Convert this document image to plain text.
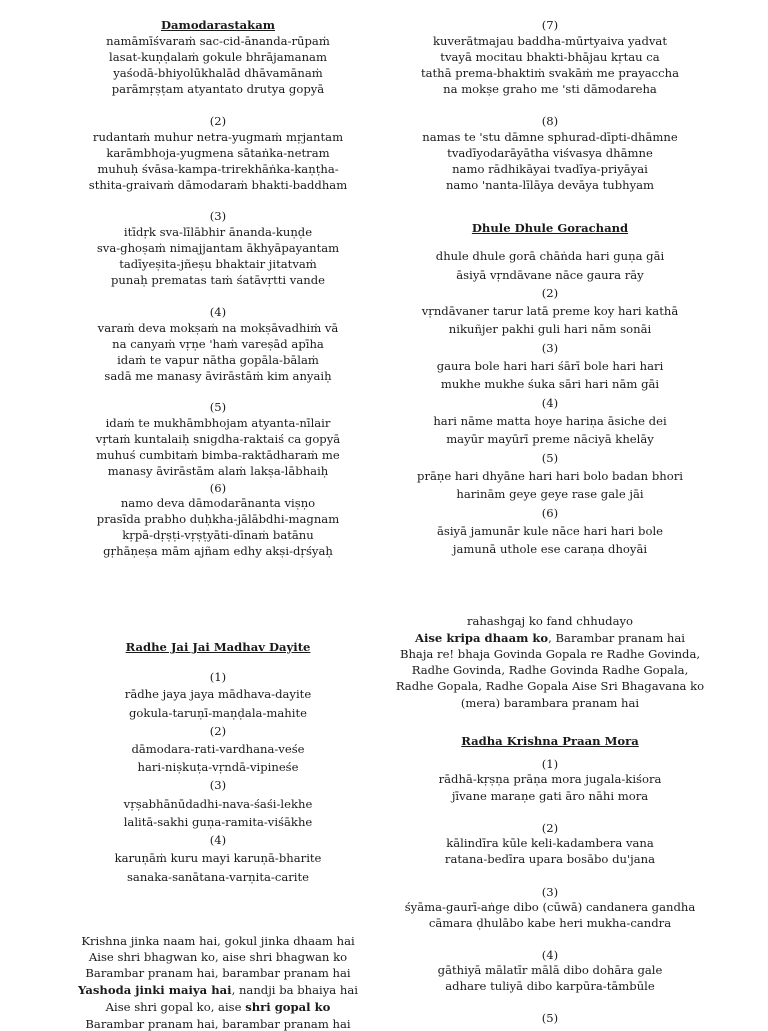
Damodarastakam
namāmīśvaraṁ sac-cid-ānanda-rūpaṁ
lasat-kuṇḍalaṁ gokule bhrājamanam
yaśodā-bhiyolūkhalād dhāvamānaṁ
parāmṛṣṭam atyantato drutya gopyā
(2)
rudantaṁ muhur netra-yugmaṁ mṛjantam
karāmbhoja-yugmena sātaṅka-netram
muhuḥ śvāsa-kampa-trirekhāṅka-kaṇṭha-
sthita-graivaṁ dāmodaraṁ bhakti-baddham
(3)
itīdṛk sva-līlābhir ānanda-kuṇḍe
sva-ghoṣaṁ nimajjantam ākhyāpayantam
tadīyeṣita-jñeṣu bhaktair jitatvaṁ
punaḥ prematas taṁ śatāvṛtti vande
(4)
varaṁ deva mokṣaṁ na mokṣāvadhiṁ vā
na canyaṁ vṛṇe 'haṁ vareṣād apīha
idaṁ te vapur nātha gopāla-bālaṁ
sadā me manasy āvirāstāṁ kim anyaiḥ
(5)
idaṁ te mukhāmbhojam atyanta-nīlair
vṛtaṁ kuntalaiḥ snigdha-raktaiś ca gopyā
muhuś cumbitaṁ bimba-raktādharaṁ me
manasy āvirāstām alaṁ lakṣa-lābhaiḥ
(6)
namo deva dāmodarānanta viṣṇo
prasīda prabho duḥkha-jālābdhi-magnam
kṛpā-dṛṣṭi-vṛṣṭyāti-dīnaṁ batānu
gṛhāṇeṣa mām ajñam edhy akṣi-dṛśyaḥ
Radhe Jai Jai Madhav Dayite
(1)
rādhe jaya jaya mādhava-dayite
gokula-taruṇī-maṇḍala-mahite
(2)
dāmodara-rati-vardhana-veśe
hari-niṣkuṭa-vṛndā-vipineśe
(3)
vṛṣabhānūdadhi-nava-śaśi-lekhe
lalitā-sakhi guṇa-ramita-viśākhe
(4)
karuṇāṁ kuru mayi karuṇā-bharite
sanaka-sanātana-varṇita-carite
Krishna jinka naam hai, gokul jinka dhaam hai
Aise shri bhagwan ko, aise shri bhagwan ko
Barambar pranam hai, barambar pranam hai
Yashoda jinki maiya hai, nandji ba bhaiya hai
Aise shri gopal ko, aise shri gopal ko
Barambar pranam hai, barambar pranam hai
(7)
kuverātmajau baddha-mūrtyaiva yadvat
tvayā mocitau bhakti-bhājau kṛtau ca
tathā prema-bhaktiṁ svakāṁ me prayaccha
na mokṣe graho me 'sti dāmodareha
(8)
namas te 'stu dāmne sphurad-dīpti-dhāmne
tvadīyodarāyātha viśvasya dhāmne
namo rādhikāyai tvadīya-priyāyai
namo 'nanta-līlāya devāya tubhyam
Dhule Dhule Gorachand
dhule dhule gorā chāṅda hari guṇa gāi
āsiyā vṛndāvane nāce gaura rāy
(2)
vṛndāvaner tarur latā preme koy hari kathā
nikuñjer pakhi guli hari nām sonāi
(3)
gaura bole hari hari śārī bole hari hari
mukhe mukhe śuka sāri hari nām gāi
(4)
hari nāme matta hoye hariṇa āsiche dei
mayūr mayūrī preme nāciyā khelāy
(5)
prāṇe hari dhyāne hari hari bolo badan bhori
harinām geye geye rase gale jāi
(6)
āsiyā jamunār kule nāce hari hari bole
jamunā uthole ese caraṇa dhoyāi
rahashgaj ko fand chhudayo
Aise kripa dhaam ko, Barambar pranam hai
Bhaja re! bhaja Govinda Gopala re Radhe Govinda,
Radhe Govinda, Radhe Govinda Radhe Gopala,
Radhe Gopala, Radhe Gopala Aise Sri Bhagavana ko
(mera) barambara pranam hai
Radha Krishna Praan Mora
(1)
rādhā-kṛṣṇa prāṇa mora jugala-kiśora
jīvane maraṇe gati āro nāhi mora
(2)
kālindīra kūle keli-kadambera vana
ratana-bedīra upara bosābo du'jana
(3)
śyāma-gaurī-aṅge dibo (cūwā) candanera gandha
cāmara ḍhulābo kabe heri mukha-candra
(4)
gāthiyā mālatīr mālā dibo dohāra gale
adhare tuliyā dibo karpūra-tāmbūle
(5)
